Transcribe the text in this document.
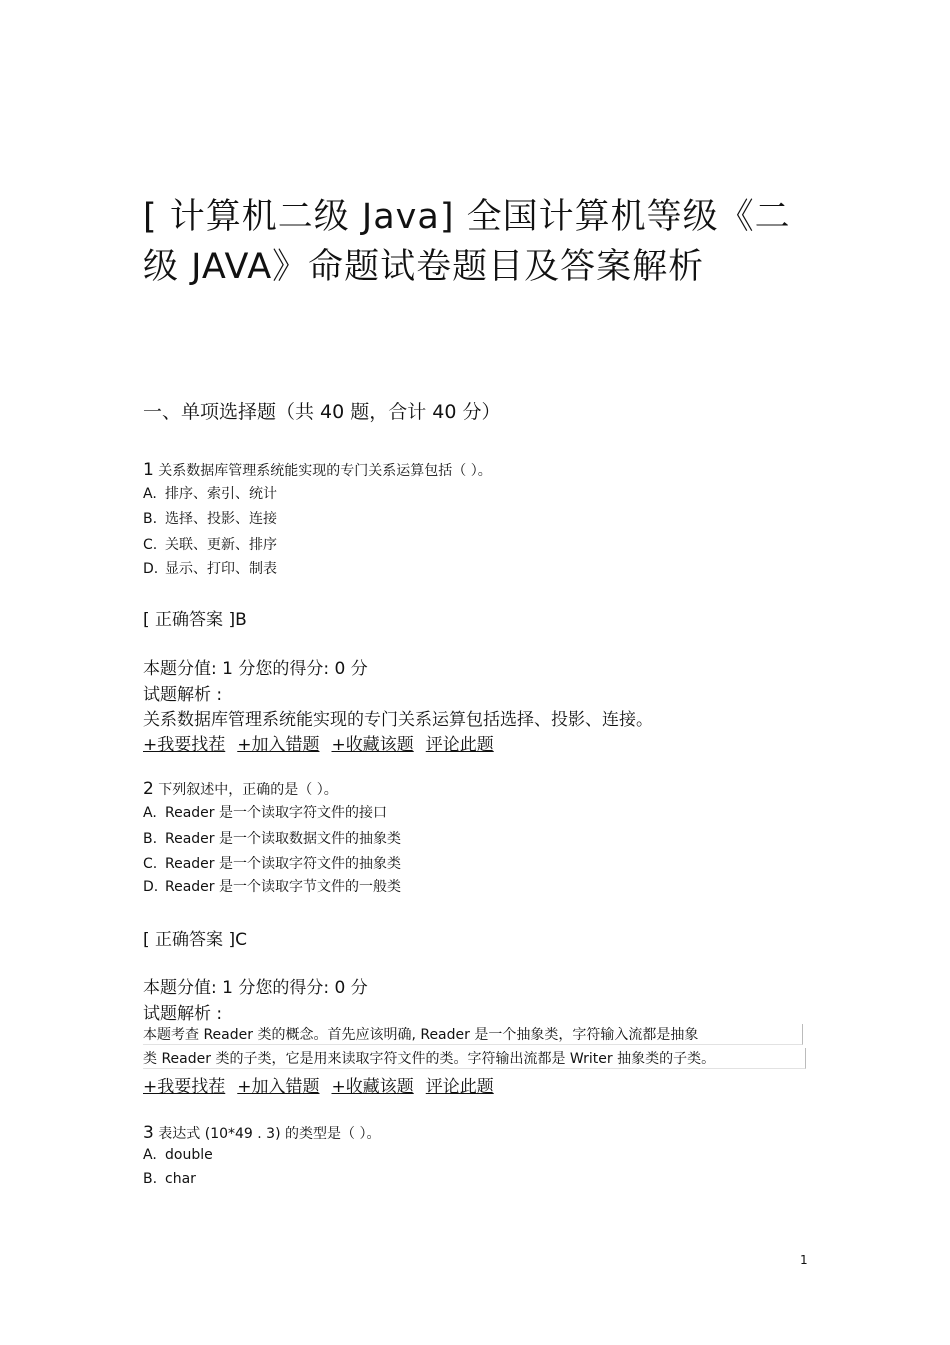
[ 计算机二级 Java] 全国计算机等级《二
级 JAVA》命题试卷题目及答案解析
一、单项选择题（共 40 题，合计 40 分）
1 关系数据库管理系统能实现的专门关系运算包括（ ）。
A. 排序、索引、统计
B. 选择、投影、连接
C. 关联、更新、排序
D. 显示、打印、制表
[ 正确答案 ]B
本题分值: 1 分您的得分: 0 分
试题解析 :
关系数据库管理系统能实现的专门关系运算包括选择、投影、连接。
+我要找茬 +加入错题 +收藏该题 评论此题
2 下列叙述中，正确的是（ ）。
A. Reader 是一个读取字符文件的接口
B. Reader 是一个读取数据文件的抽象类
C. Reader 是一个读取字符文件的抽象类
D. Reader 是一个读取字节文件的一般类
[ 正确答案 ]C
本题分值: 1 分您的得分: 0 分
试题解析 :
本题考查 Reader 类的概念。首先应该明确, Reader 是一个抽象类，字符输入流都是抽象
类 Reader 类的子类，它是用来读取字符文件的类。字符输出流都是 Writer 抽象类的子类。
+我要找茬 +加入错题 +收藏该题 评论此题
3 表达式 (10*49 . 3) 的类型是（ ）。
A. double
B. char
1
